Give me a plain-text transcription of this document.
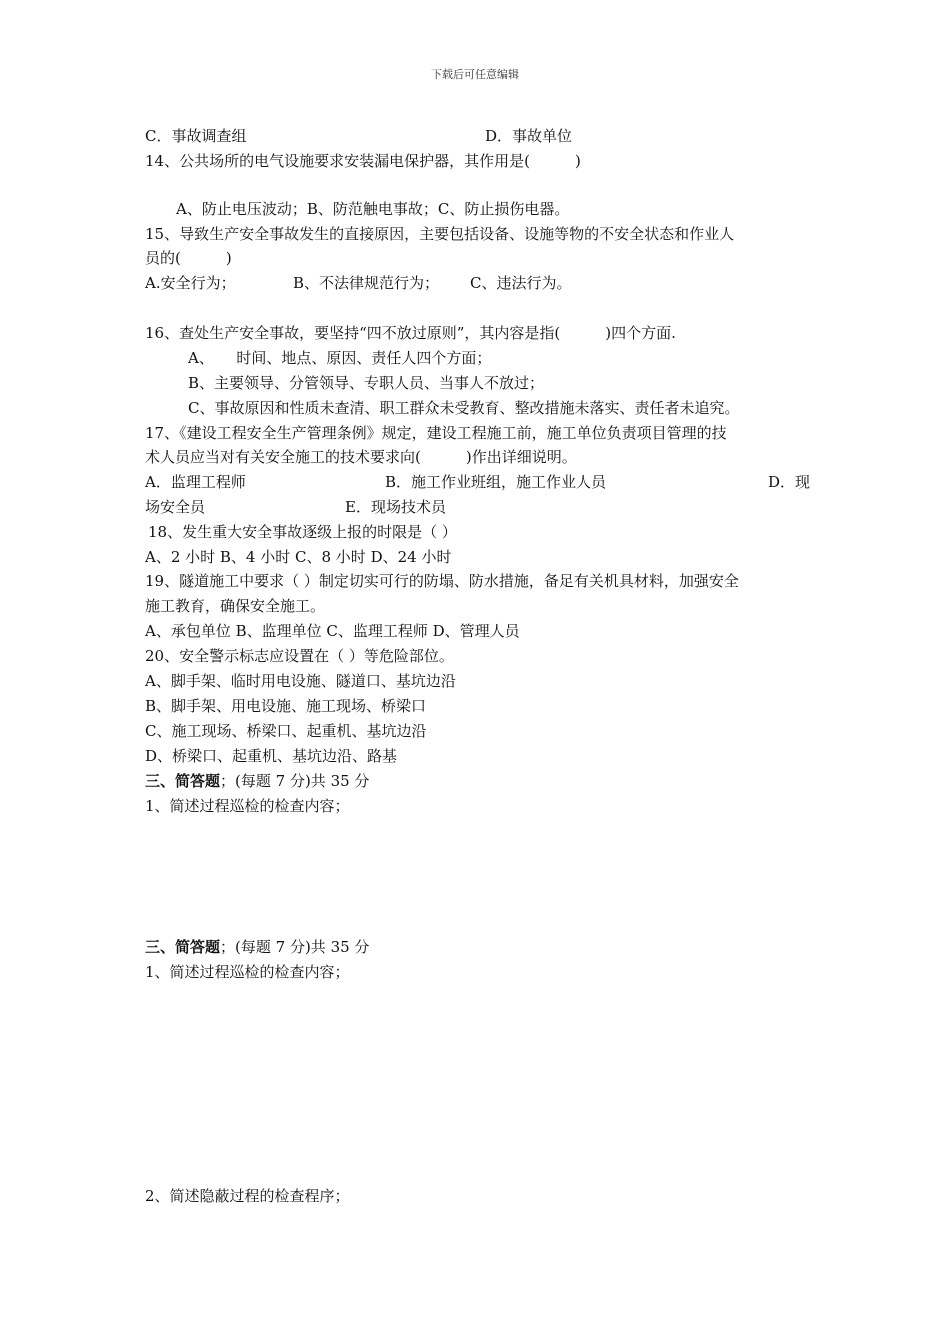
下载后可任意编辑
C．事故调查组	D．事故单位
14、公共场所的电气设施要求安装漏电保护器，其作用是(　　　)
A、防止电压波动；B、防范触电事故；C、防止损伤电器。
15、导致生产安全事故发生的直接原因，主要包括设备、设施等物的不安全状态和作业人
员的(　　　)
A.安全行为；	B、不法律规范行为； C、违法行为。
16、查处生产安全事故，要坚持“四不放过原则”，其内容是指(　　　)四个方面.
A、　　时间、地点、原因、责任人四个方面；
B、主要领导、分管领导、专职人员、当事人不放过；
C、事故原因和性质未查清、职工群众未受教育、整改措施未落实、责任者未追究。
17、《建设工程安全生产管理条例》规定，建设工程施工前，施工单位负责项目管理的技
术人员应当对有关安全施工的技术要求向(　　　)作出详细说明。
A．监理工程师	B．施工作业班组，施工作业人员	D．现
场安全员	E．现场技术员
18、发生重大安全事故逐级上报的时限是（ ）
A、2 小时 B、4 小时 C、8 小时 D、24 小时
19、隧道施工中要求（ ）制定切实可行的防塌、防水措施，备足有关机具材料，加强安全
施工教育，确保安全施工。
A、承包单位 B、监理单位 C、监理工程师 D、管理人员
20、安全警示标志应设置在（ ）等危险部位。
A、脚手架、临时用电设施、隧道口、基坑边沿
B、脚手架、用电设施、施工现场、桥梁口
C、施工现场、桥梁口、起重机、基坑边沿
D、桥梁口、起重机、基坑边沿、路基
三、简答题；(每题 7 分)共 35 分
1、简述过程巡检的检查内容；
三、简答题；(每题 7 分)共 35 分
1、简述过程巡检的检查内容；
2、简述隐蔽过程的检查程序；
